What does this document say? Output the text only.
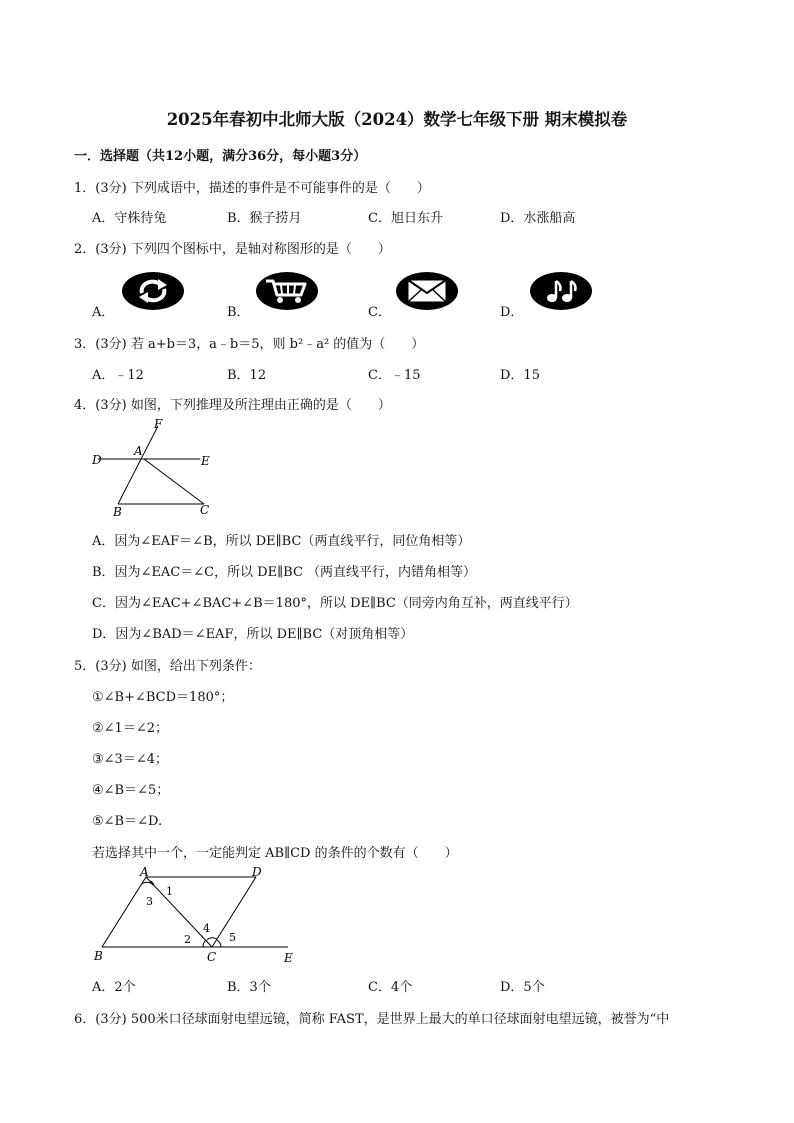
2025年春初中北师大版（2024）数学七年级下册 期末模拟卷
一．选择题（共12小题，满分36分，每小题3分）
1．(3分) 下列成语中，描述的事件是不可能事件的是（　　）
A．守株待兔	B．猴子捞月	C．旭日东升	D．水涨船高
2．(3分) 下列四个图标中，是轴对称图形的是（　　）
A．	B．	C．	D．
3．(3分) 若 a+b＝3，a﹣b＝5，则 b²﹣a² 的值为（　　）
A．﹣12	B．12	C．﹣15	D．15
4．(3分) 如图，下列推理及所注理由正确的是（　　）
F
A
D	E
B	C
A．因为∠EAF＝∠B，所以 DE∥BC（两直线平行，同位角相等）
B．因为∠EAC＝∠C，所以 DE∥BC （两直线平行，内错角相等）
C．因为∠EAC+∠BAC+∠B＝180°，所以 DE∥BC（同旁内角互补，两直线平行）
D．因为∠BAD＝∠EAF，所以 DE∥BC（对顶角相等）
5．(3分) 如图，给出下列条件：
①∠B+∠BCD＝180°；
②∠1＝∠2；
③∠3＝∠4；
④∠B＝∠5；
⑤∠B＝∠D.
若选择其中一个，一定能判定 AB∥CD 的条件的个数有（　　）
A	D
1
3
4
2	5
B	C	E
A．2个	B．3个	C．4个	D．5个
6．(3分) 500米口径球面射电望远镜，简称 FAST，是世界上最大的单口径球面射电望远镜，被誉为“中
